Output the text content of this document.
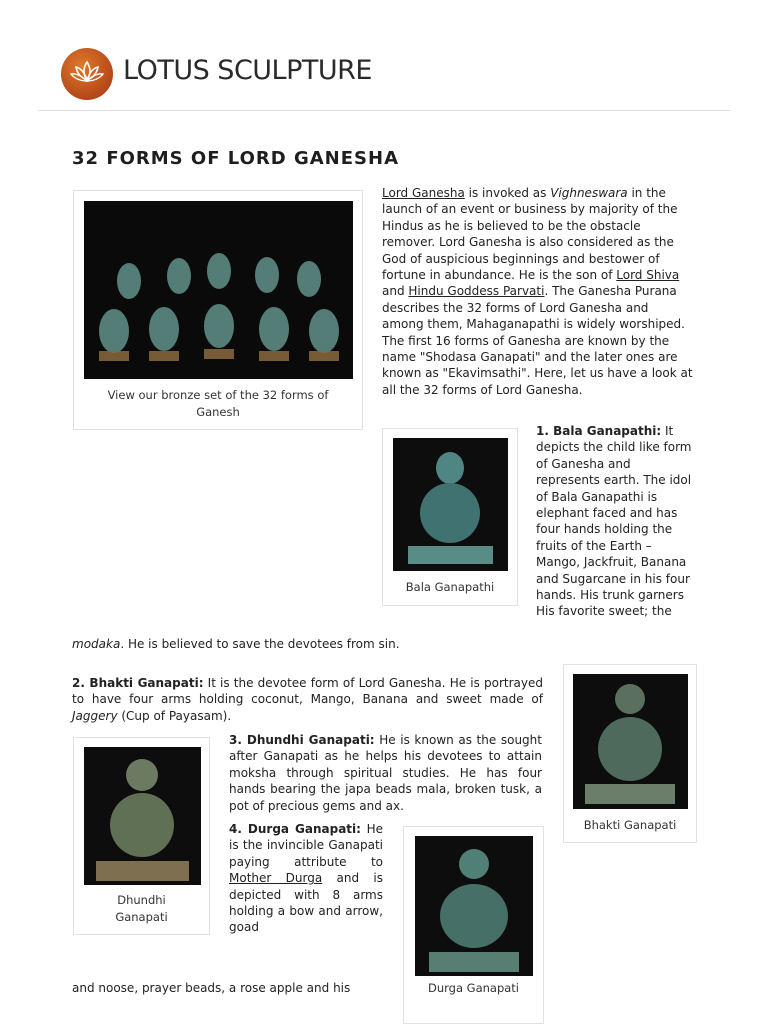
LOTUS SCULPTURE
32 FORMS OF LORD GANESHA
View our bronze set of the 32 forms of Ganesh
Lord Ganesha is invoked as Vighneswara in the launch of an event or business by majority of the Hindus as he is believed to be the obstacle remover. Lord Ganesha is also considered as the God of auspicious beginnings and bestower of fortune in abundance. He is the son of Lord Shiva and Hindu Goddess Parvati. The Ganesha Purana describes the 32 forms of Lord Ganesha and among them, Mahaganapathi is widely worshiped. The first 16 forms of Ganesha are known by the name "Shodasa Ganapati" and the later ones are known as "Ekavimsathi". Here, let us have a look at all the 32 forms of Lord Ganesha.
Bala Ganapathi
1. Bala Ganapathi: It depicts the child like form of Ganesha and represents earth. The idol of Bala Ganapathi is elephant faced and has four hands holding the fruits of the Earth – Mango, Jackfruit, Banana and Sugarcane in his four hands. His trunk garners His favorite sweet; the
modaka. He is believed to save the devotees from sin.
2. Bhakti Ganapati: It is the devotee form of Lord Ganesha. He is portrayed to have four arms holding coconut, Mango, Banana and sweet made of Jaggery (Cup of Payasam).
Bhakti Ganapati
Dhundhi Ganapati
3. Dhundhi Ganapati: He is known as the sought after Ganapati as he helps his devotees to attain moksha through spiritual studies. He has four hands bearing the japa beads mala, broken tusk, a pot of precious gems and ax.
4. Durga Ganapati: He is the invincible Ganapati paying attribute to Mother Durga and is depicted with 8 arms holding a bow and arrow, goad
Durga Ganapati
and noose, prayer beads, a rose apple and his
